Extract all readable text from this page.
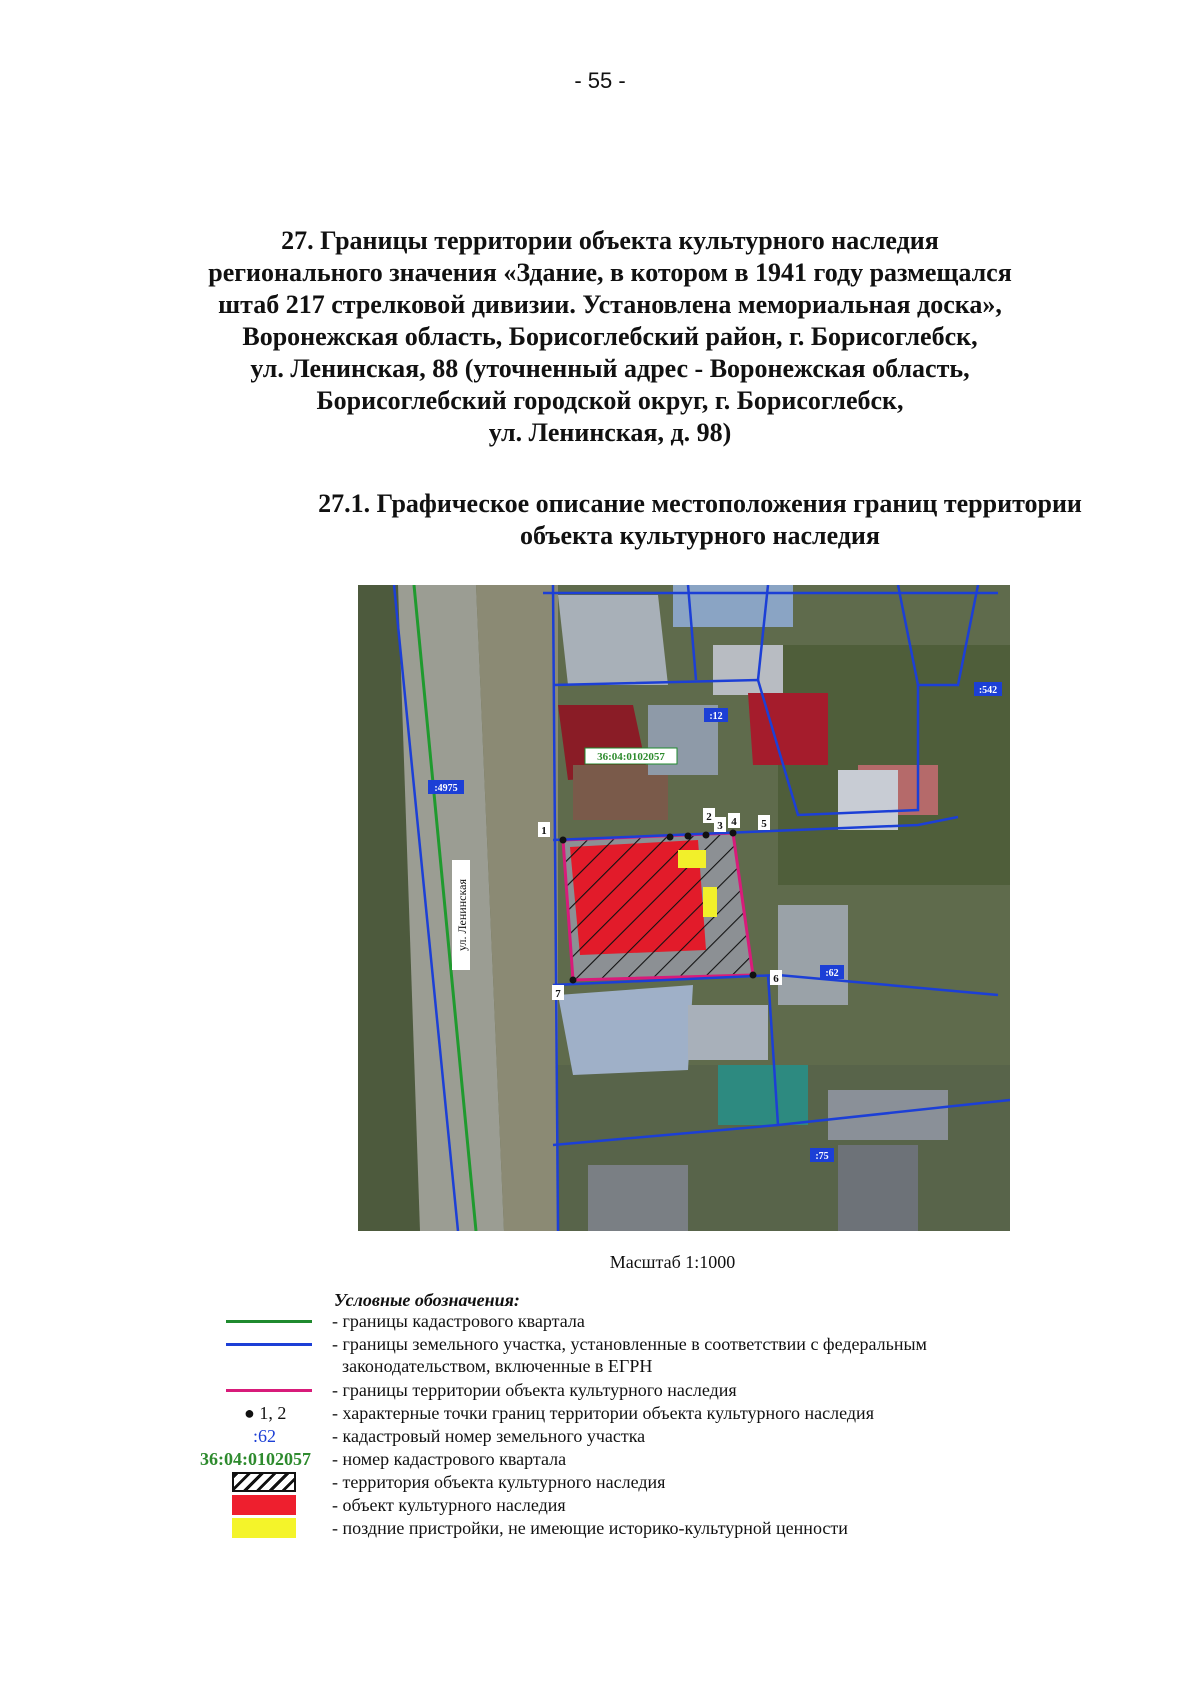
- 55 -
27. Границы территории объекта культурного наследия
регионального значения «Здание, в котором в 1941 году размещался
штаб 217 стрелковой дивизии. Установлена мемориальная доска»,
Воронежская область, Борисоглебский район, г. Борисоглебск,
ул. Ленинская, 88 (уточненный адрес - Воронежская область,
Борисоглебский городской округ, г. Борисоглебск,
ул. Ленинская, д. 98)
27.1. Графическое описание местоположения границ территории
объекта культурного наследия
36:04:0102057
:4975
:12
:542
:62
:75
1
2
3 4 5
6
7
ул. Ленинская
Масштаб 1:1000
Условные обозначения:
- границы кадастрового квартала
- границы земельного участка, установленные в соответствии с федеральным
законодательством, включенные в ЕГРН
- границы территории объекта культурного наследия
● 1, 2	- характерные точки границ территории объекта культурного наследия
:62	- кадастровый номер земельного участка
36:04:0102057 - номер кадастрового квартала
- территория объекта культурного наследия
- объект культурного наследия
- поздние пристройки, не имеющие историко-культурной ценности
